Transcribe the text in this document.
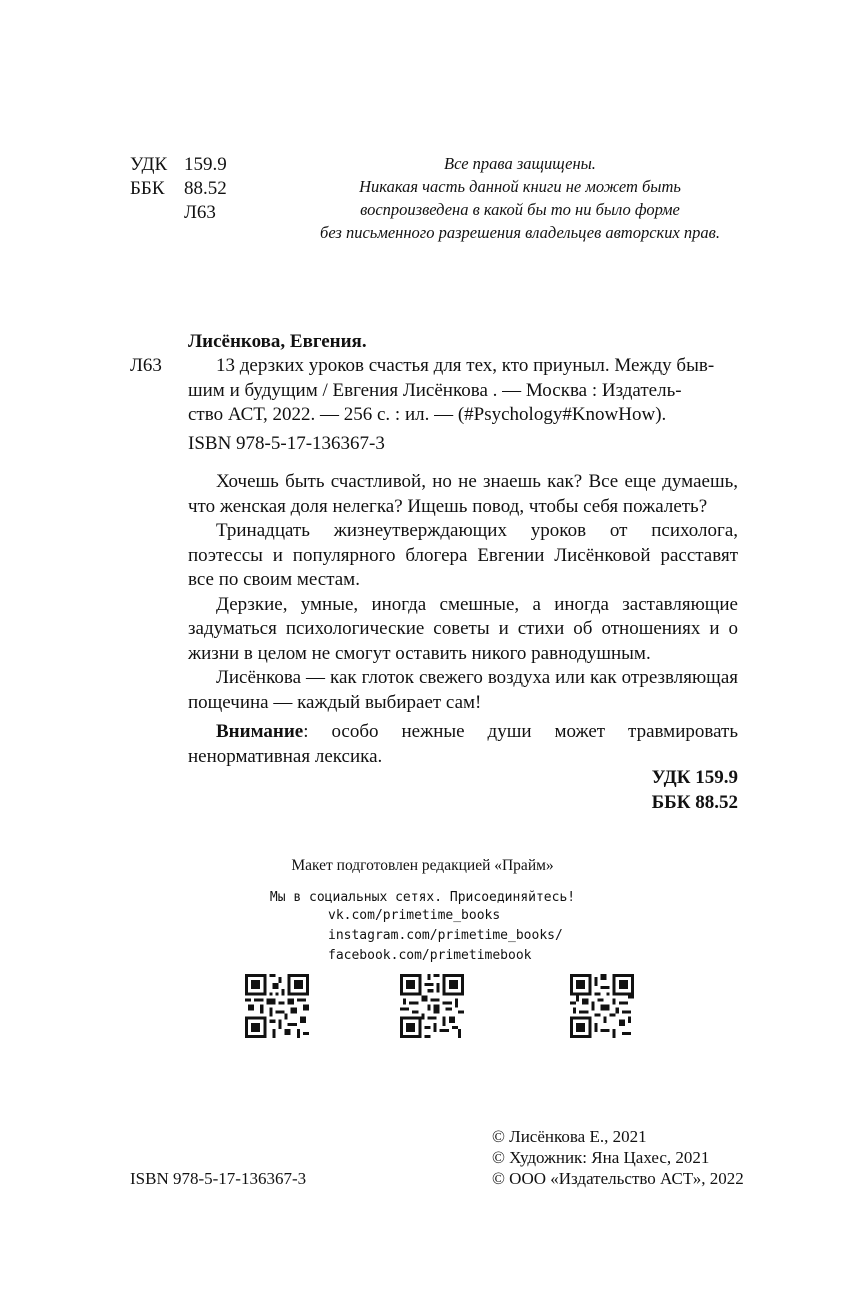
УДК 159.9
ББК 88.52
Л63
Все права защищены.
Никакая часть данной книги не может быть
воспроизведена в какой бы то ни было форме
без письменного разрешения владельцев авторских прав.
Лисёнкова, Евгения.
Л63	13 дерзких уроков счастья для тех, кто приуныл. Между быв-
шим и будущим / Евгения Лисёнкова . — Москва : Издатель-
ство АСТ, 2022. — 256 с. : ил. — (#Psychology#KnowHow).
ISBN 978-5-17-136367-3

Хочешь быть счастливой, но не знаешь как? Все еще думаешь, что женская доля нелегка? Ищешь повод, чтобы себя пожалеть?

Тринадцать жизнеутверждающих уроков от психолога, поэтессы и популярного блогера Евгении Лисёнковой расставят все по своим местам.

Дерзкие, умные, иногда смешные, а иногда заставляющие задуматься психологические советы и стихи об отношениях и о жизни в целом не смогут оставить никого равнодушным.

Лисёнкова — как глоток свежего воздуха или как отрезвляющая пощечина — каждый выбирает сам!

Внимание: особо нежные души может травмировать ненормативная лексика.
УДК 159.9
ББК 88.52
Макет подготовлен редакцией «Прайм»
Мы в социальных сетях. Присоединяйтесь!
vk.com/primetime_books
instagram.com/primetime_books/
facebook.com/primetimebook
© Лисёнкова Е., 2021
© Художник: Яна Цахес, 2021
© ООО «Издательство АСТ», 2022
ISBN 978-5-17-136367-3
